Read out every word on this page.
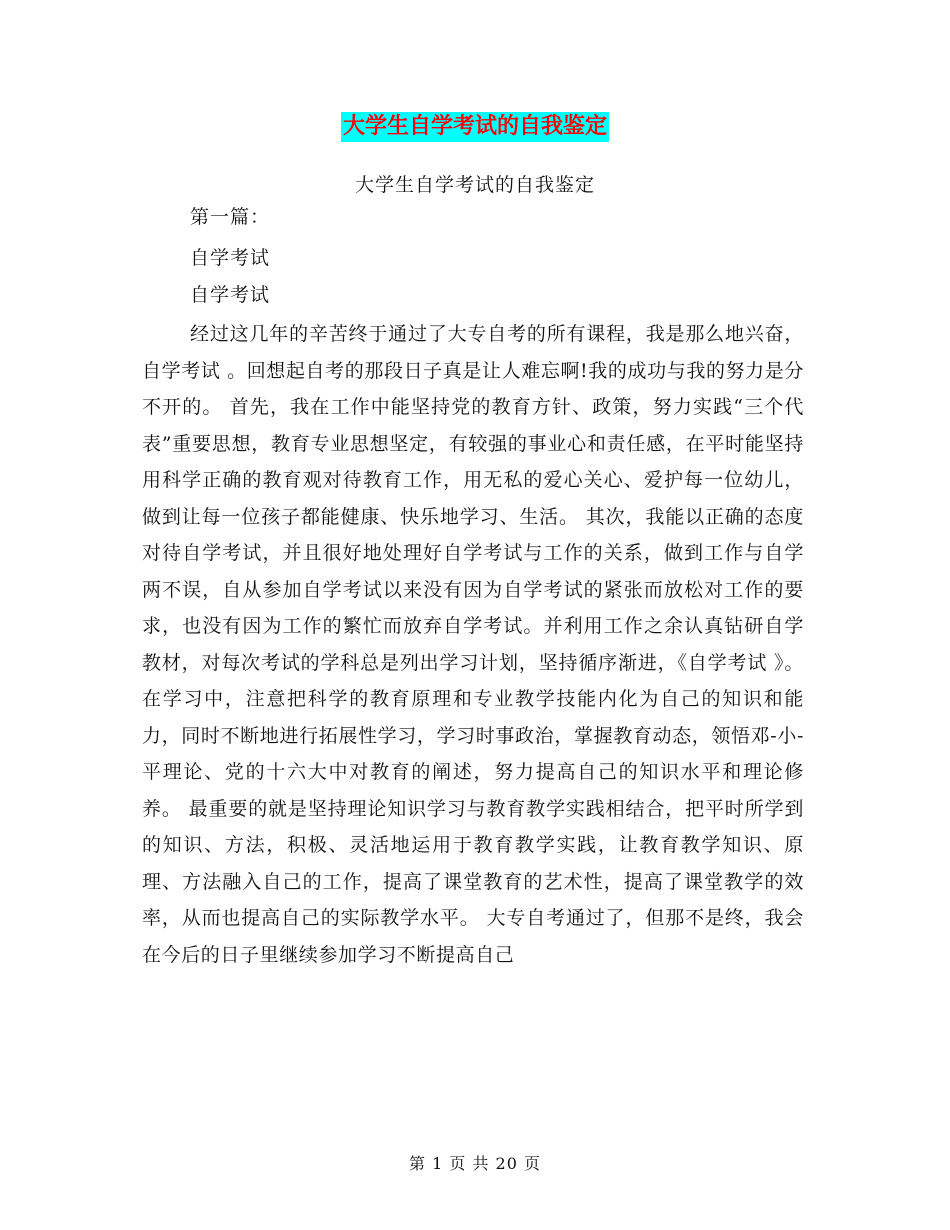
大学生自学考试的自我鉴定
大学生自学考试的自我鉴定
第一篇：
自学考试
自学考试

经过这几年的辛苦终于通过了大专自考的所有课程，我是那么地兴奋，自学考试 。回想起自考的那段日子真是让人难忘啊!我的成功与我的努力是分不开的。 首先，我在工作中能坚持党的教育方针、政策，努力实践“三个代表”重要思想，教育专业思想坚定，有较强的事业心和责任感，在平时能坚持用科学正确的教育观对待教育工作，用无私的爱心关心、爱护每一位幼儿，做到让每一位孩子都能健康、快乐地学习、生活。 其次，我能以正确的态度对待自学考试，并且很好地处理好自学考试与工作的关系，做到工作与自学两不误，自从参加自学考试以来没有因为自学考试的紧张而放松对工作的要求，也没有因为工作的繁忙而放弃自学考试。并利用工作之余认真钻研自学教材，对每次考试的学科总是列出学习计划，坚持循序渐进，《自学考试 》。 在学习中，注意把科学的教育原理和专业教学技能内化为自己的知识和能力，同时不断地进行拓展性学习，学习时事政治，掌握教育动态，领悟邓-小-平理论、党的十六大中对教育的阐述，努力提高自己的知识水平和理论修养。 最重要的就是坚持理论知识学习与教育教学实践相结合，把平时所学到的知识、方法，积极、灵活地运用于教育教学实践，让教育教学知识、原理、方法融入自己的工作，提高了课堂教育的艺术性，提高了课堂教学的效率，从而也提高自己的实际教学水平。 大专自考通过了，但那不是终，我会在今后的日子里继续参加学习不断提高自己

第 1 页 共 20 页
